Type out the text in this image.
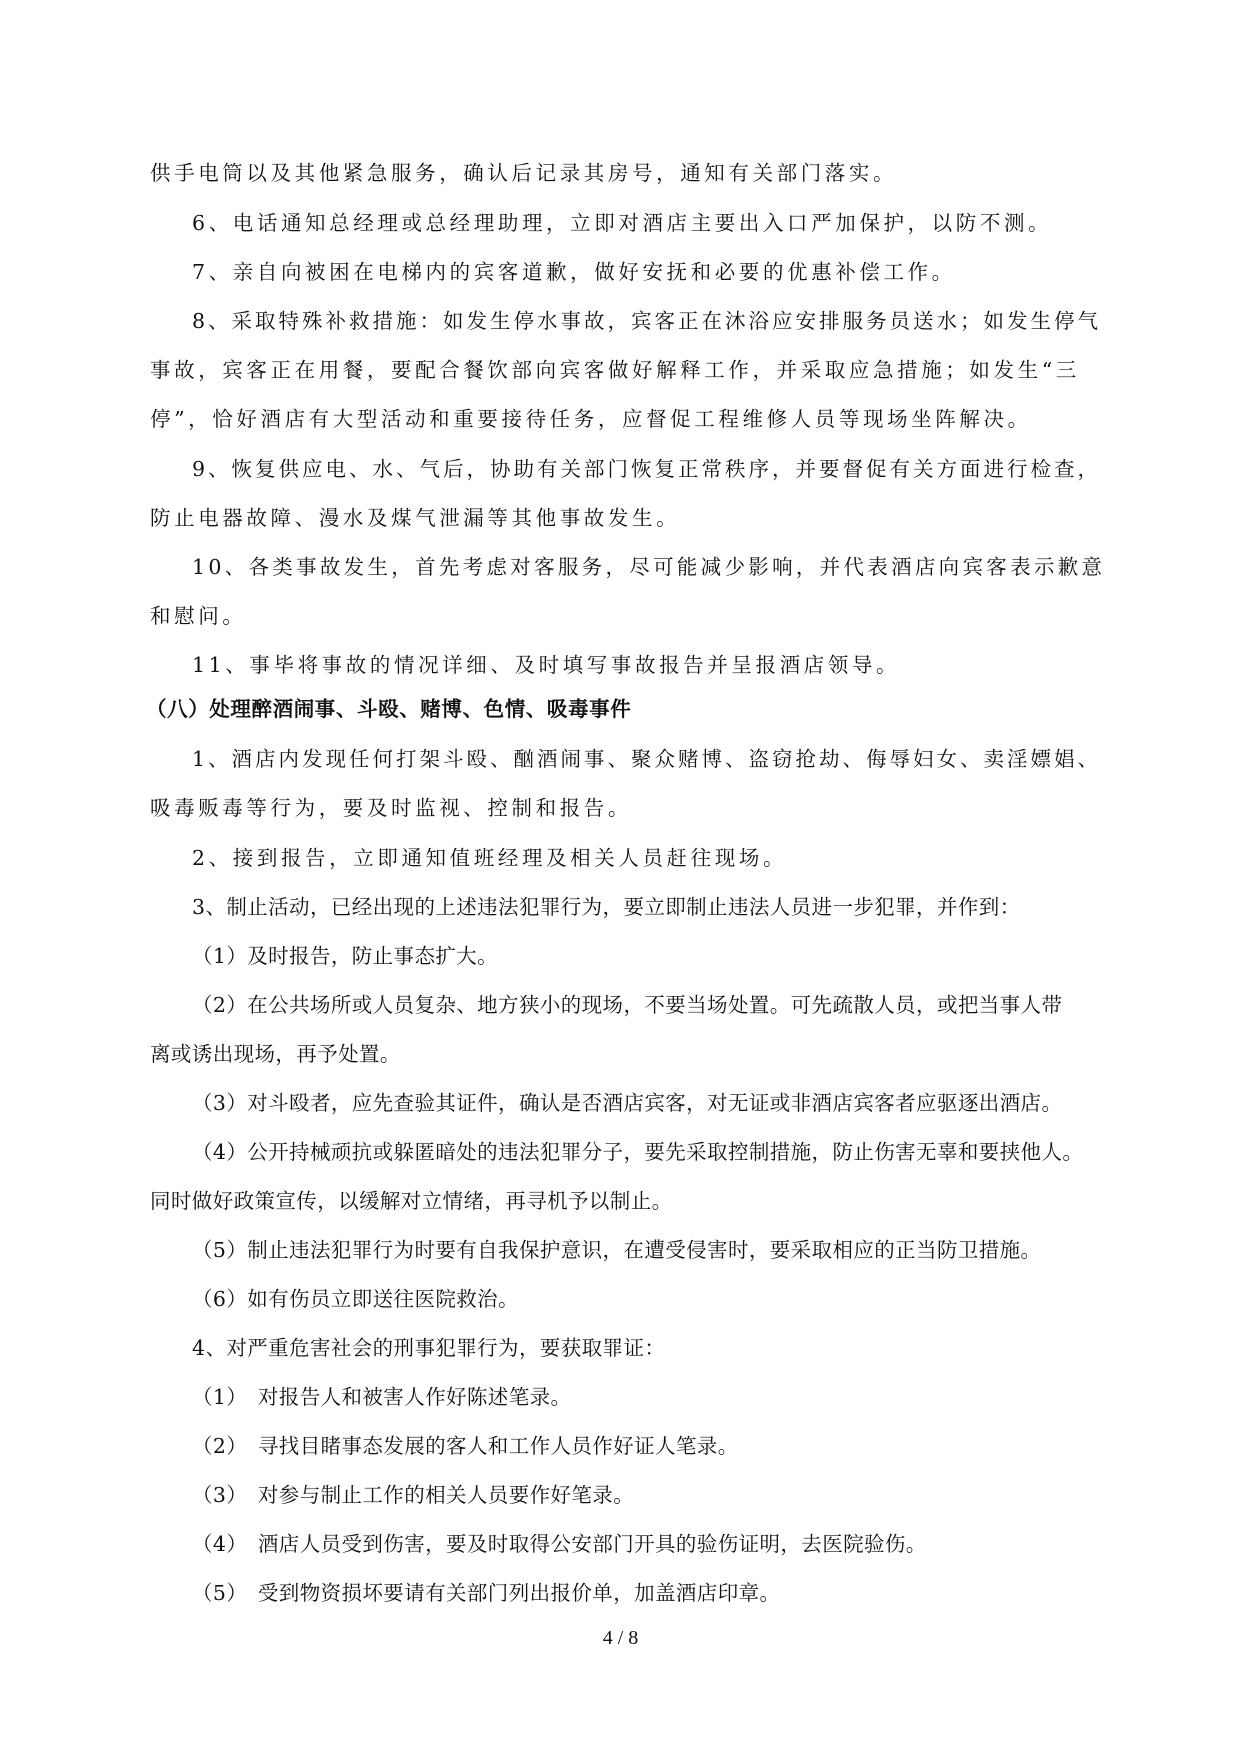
供手电筒以及其他紧急服务，确认后记录其房号，通知有关部门落实。
6、电话通知总经理或总经理助理，立即对酒店主要出入口严加保护，以防不测。
7、亲自向被困在电梯内的宾客道歉，做好安抚和必要的优惠补偿工作。
8、采取特殊补救措施：如发生停水事故，宾客正在沐浴应安排服务员送水；如发生停气
事故，宾客正在用餐，要配合餐饮部向宾客做好解释工作，并采取应急措施；如发生“三
停”，恰好酒店有大型活动和重要接待任务，应督促工程维修人员等现场坐阵解决。
9、恢复供应电、水、气后，协助有关部门恢复正常秩序，并要督促有关方面进行检查，
防止电器故障、漫水及煤气泄漏等其他事故发生。
10、各类事故发生，首先考虑对客服务，尽可能减少影响，并代表酒店向宾客表示歉意
和慰问。
11、事毕将事故的情况详细、及时填写事故报告并呈报酒店领导。
（八）处理醉酒闹事、斗殴、赌博、色情、吸毒事件
1、酒店内发现任何打架斗殴、酗酒闹事、聚众赌博、盗窃抢劫、侮辱妇女、卖淫嫖娼、
吸毒贩毒等行为，要及时监视、控制和报告。
2、接到报告，立即通知值班经理及相关人员赶往现场。
3、制止活动，已经出现的上述违法犯罪行为，要立即制止违法人员进一步犯罪，并作到：
（1）及时报告，防止事态扩大。
（2）在公共场所或人员复杂、地方狭小的现场，不要当场处置。可先疏散人员，或把当事人带
离或诱出现场，再予处置。
（3）对斗殴者，应先查验其证件，确认是否酒店宾客，对无证或非酒店宾客者应驱逐出酒店。
（4）公开持械顽抗或躲匿暗处的违法犯罪分子，要先采取控制措施，防止伤害无辜和要挟他人。
同时做好政策宣传，以缓解对立情绪，再寻机予以制止。
（5）制止违法犯罪行为时要有自我保护意识，在遭受侵害时，要采取相应的正当防卫措施。
（6）如有伤员立即送往医院救治。
4、对严重危害社会的刑事犯罪行为，要获取罪证：
（1）　对报告人和被害人作好陈述笔录。
（2）　寻找目睹事态发展的客人和工作人员作好证人笔录。
（3）　对参与制止工作的相关人员要作好笔录。
（4）　酒店人员受到伤害，要及时取得公安部门开具的验伤证明，去医院验伤。
（5）　受到物资损坏要请有关部门列出报价单，加盖酒店印章。
4 / 8
